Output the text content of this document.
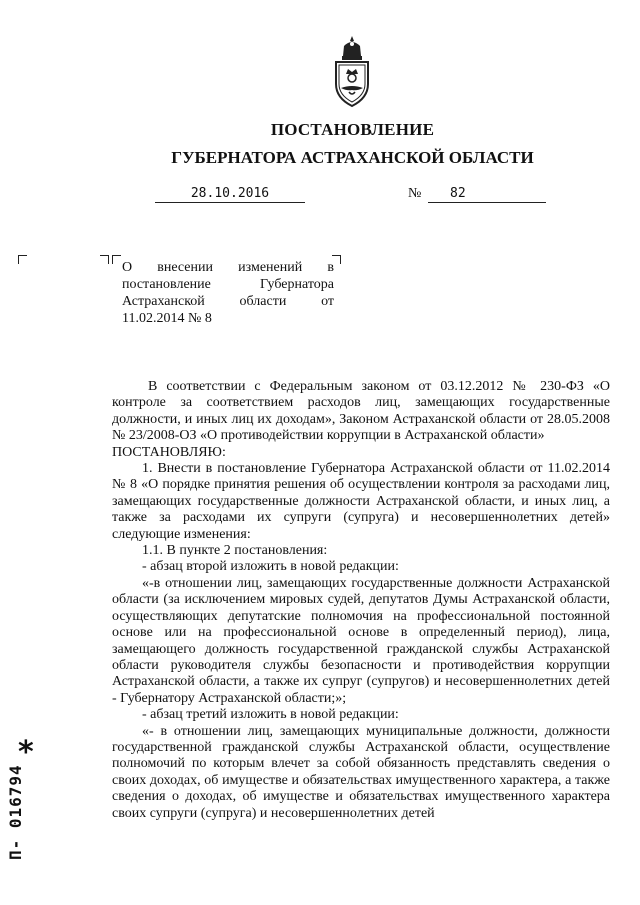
ПОСТАНОВЛЕНИЕ
ГУБЕРНАТОРА АСТРАХАНСКОЙ ОБЛАСТИ
28.10.2016	№	82
О внесении изменений в постановление Губернатора Астраханской области от 11.02.2014 № 8

В соответствии с Федеральным законом от 03.12.2012 № 230-ФЗ «О контроле за соответствием расходов лиц, замещающих государственные должности, и иных лиц их доходам», Законом Астраханской области от 28.05.2008 № 23/2008-ОЗ «О противодействии коррупции в Астраханской области»

ПОСТАНОВЛЯЮ:

1. Внести в постановление Губернатора Астраханской области от 11.02.2014 № 8 «О порядке принятия решения об осуществлении контроля за расходами лиц, замещающих государственные должности Астраханской области, и иных лиц, а также за расходами их супруги (супруга) и несовершеннолетних детей» следующие изменения:

1.1. В пункте 2 постановления:

- абзац второй изложить в новой редакции:

«-в отношении лиц, замещающих государственные должности Астраханской области (за исключением мировых судей, депутатов Думы Астраханской области, осуществляющих депутатские полномочия на профессиональной постоянной основе или на профессиональной основе в определенный период), лица, замещающего должность государственной гражданской службы Астраханской области руководителя службы безопасности и противодействия коррупции Астраханской области, а также их супруг (супругов) и несовершеннолетних детей - Губернатору Астраханской области;»;

- абзац третий изложить в новой редакции:

«- в отношении лиц, замещающих муниципальные должности, должности государственной гражданской службы Астраханской области, осуществление полномочий по которым влечет за собой обязанность представлять сведения о своих доходах, об имуществе и обязательствах имущественного характера, а также сведения о доходах, об имуществе и обязательствах имущественного характера своих супруги (супруга) и несовершеннолетних детей

*
П- 016794
